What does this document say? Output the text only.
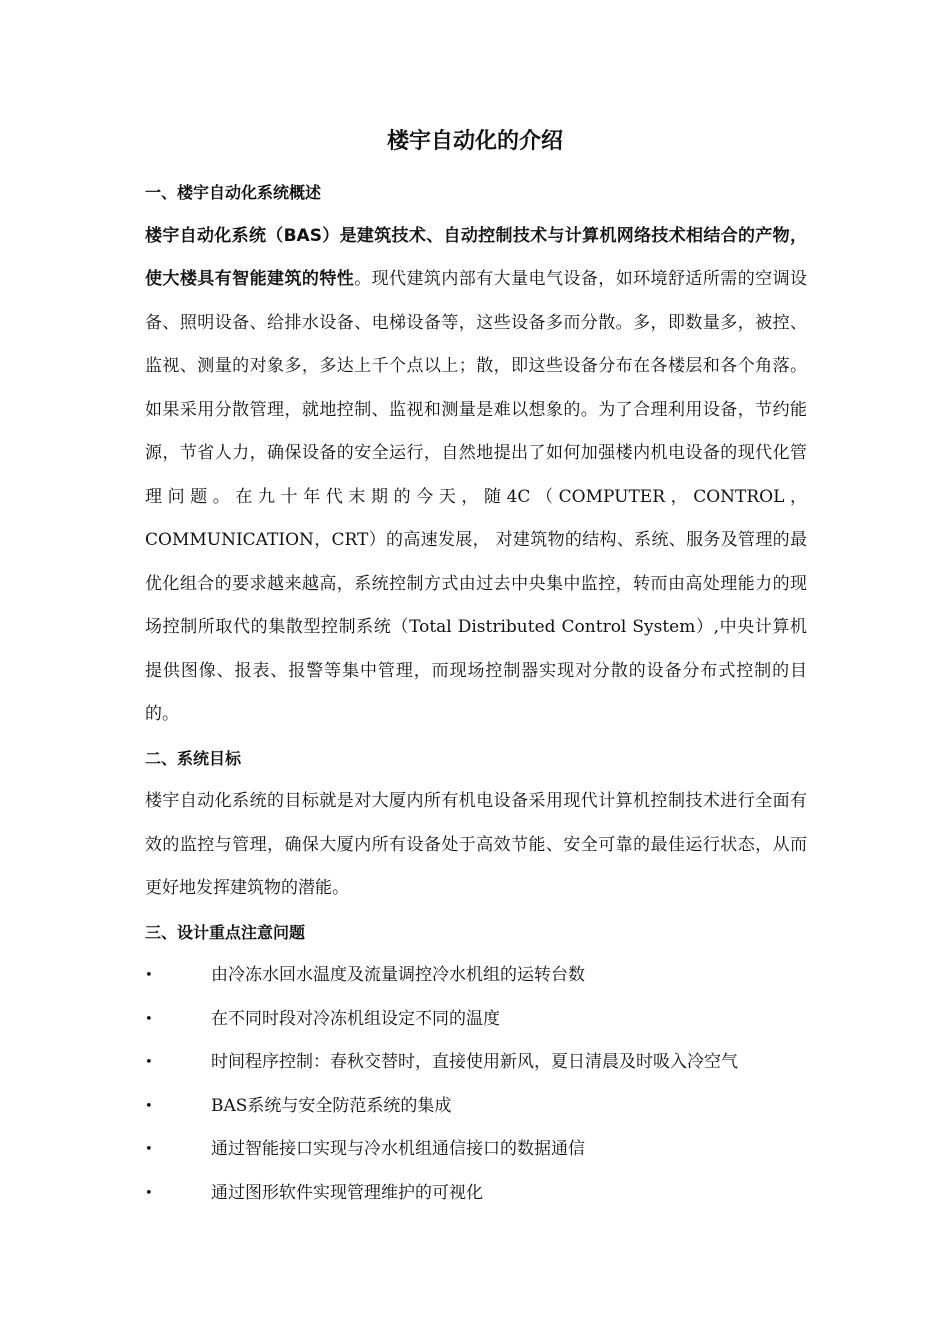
楼宇自动化的介绍

一、楼宇自动化系统概述

楼宇自动化系统（BAS）是建筑技术、自动控制技术与计算机网络技术相结合的产物，使大楼具有智能建筑的特性。现代建筑内部有大量电气设备，如环境舒适所需的空调设备、照明设备、给排水设备、电梯设备等，这些设备多而分散。多，即数量多，被控、监视、测量的对象多，多达上千个点以上；散，即这些设备分布在各楼层和各个角落。如果采用分散管理，就地控制、监视和测量是难以想象的。为了合理利用设备，节约能源，节省人力，确保设备的安全运行，自然地提出了如何加强楼内机电设备的现代化管理问题。在九十年代末期的今天，随4C（COMPUTER，CONTROL，COMMUNICATION，CRT）的高速发展， 对建筑物的结构、系统、服务及管理的最优化组合的要求越来越高，系统控制方式由过去中央集中监控，转而由高处理能力的现场控制所取代的集散型控制系统（Total Distributed Control System）,中央计算机提供图像、报表、报警等集中管理，而现场控制器实现对分散的设备分布式控制的目的。

二、系统目标

楼宇自动化系统的目标就是对大厦内所有机电设备采用现代计算机控制技术进行全面有效的监控与管理，确保大厦内所有设备处于高效节能、安全可靠的最佳运行状态，从而更好地发挥建筑物的潜能。

三、设计重点注意问题

•	由冷冻水回水温度及流量调控冷水机组的运转台数
•	在不同时段对冷冻机组设定不同的温度
•	时间程序控制：春秋交替时，直接使用新风，夏日清晨及时吸入冷空气
•	BAS系统与安全防范系统的集成
•	通过智能接口实现与冷水机组通信接口的数据通信
•	通过图形软件实现管理维护的可视化
